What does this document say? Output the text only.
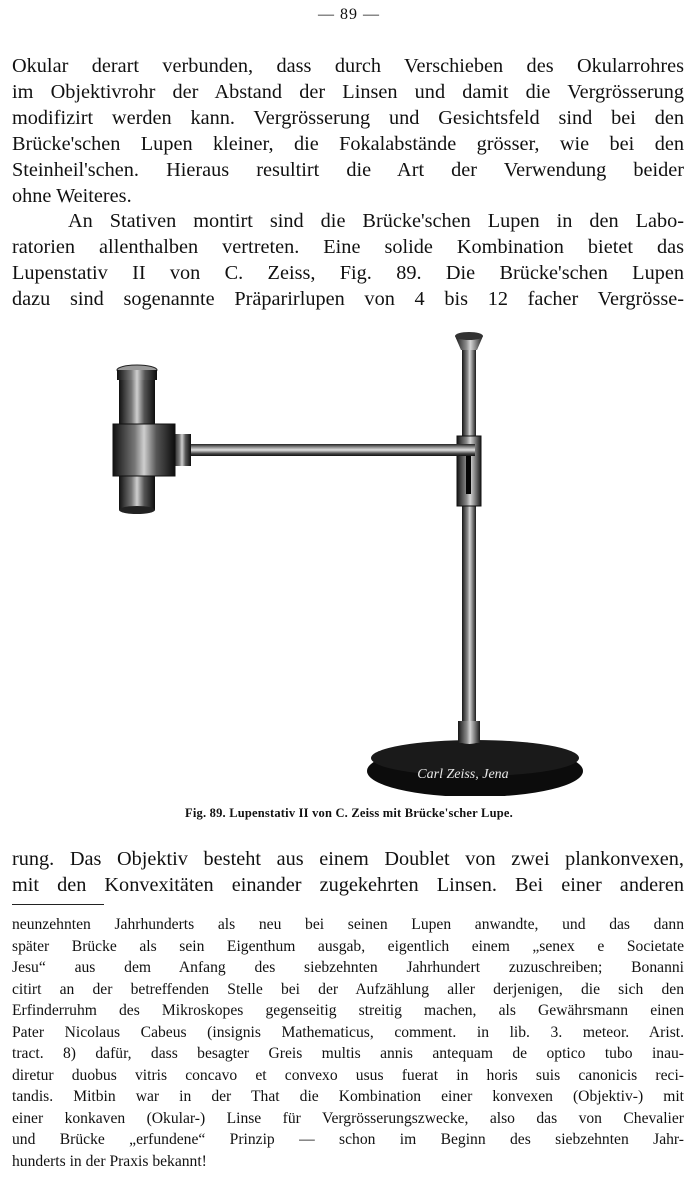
— 89 —
Okular derart verbunden, dass durch Verschieben des Okularrohres
im Objektivrohr der Abstand der Linsen und damit die Vergrösserung
modifizirt werden kann. Vergrösserung und Gesichtsfeld sind bei den
Brücke'schen Lupen kleiner, die Fokalabstände grösser, wie bei den
Steinheil'schen. Hieraus resultirt die Art der Verwendung beider
ohne Weiteres.
An Stativen montirt sind die Brücke'schen Lupen in den Labo-
ratorien allenthalben vertreten. Eine solide Kombination bietet das
Lupenstativ II von C. Zeiss, Fig. 89. Die Brücke'schen Lupen
dazu sind sogenannte Präparirlupen von 4 bis 12 facher Vergrösse-
Carl Zeiss, Jena
Fig. 89. Lupenstativ II von C. Zeiss mit Brücke'scher Lupe.
rung. Das Objektiv besteht aus einem Doublet von zwei plankonvexen,
mit den Konvexitäten einander zugekehrten Linsen. Bei einer anderen
neunzehnten Jahrhunderts als neu bei seinen Lupen anwandte, und das dann
später Brücke als sein Eigenthum ausgab, eigentlich einem „senex e Societate
Jesu“ aus dem Anfang des siebzehnten Jahrhundert zuzuschreiben; Bonanni
citirt an der betreffenden Stelle bei der Aufzählung aller derjenigen, die sich den
Erfinderruhm des Mikroskopes gegenseitig streitig machen, als Gewährsmann einen
Pater Nicolaus Cabeus (insignis Mathematicus, comment. in lib. 3. meteor. Arist.
tract. 8) dafür, dass besagter Greis multis annis antequam de optico tubo inau-
diretur duobus vitris concavo et convexo usus fuerat in horis suis canonicis reci-
tandis. Mitbin war in der That die Kombination einer konvexen (Objektiv-) mit
einer konkaven (Okular-) Linse für Vergrösserungszwecke, also das von Chevalier
und Brücke „erfundene“ Prinzip — schon im Beginn des siebzehnten Jahr-
hunderts in der Praxis bekannt!
